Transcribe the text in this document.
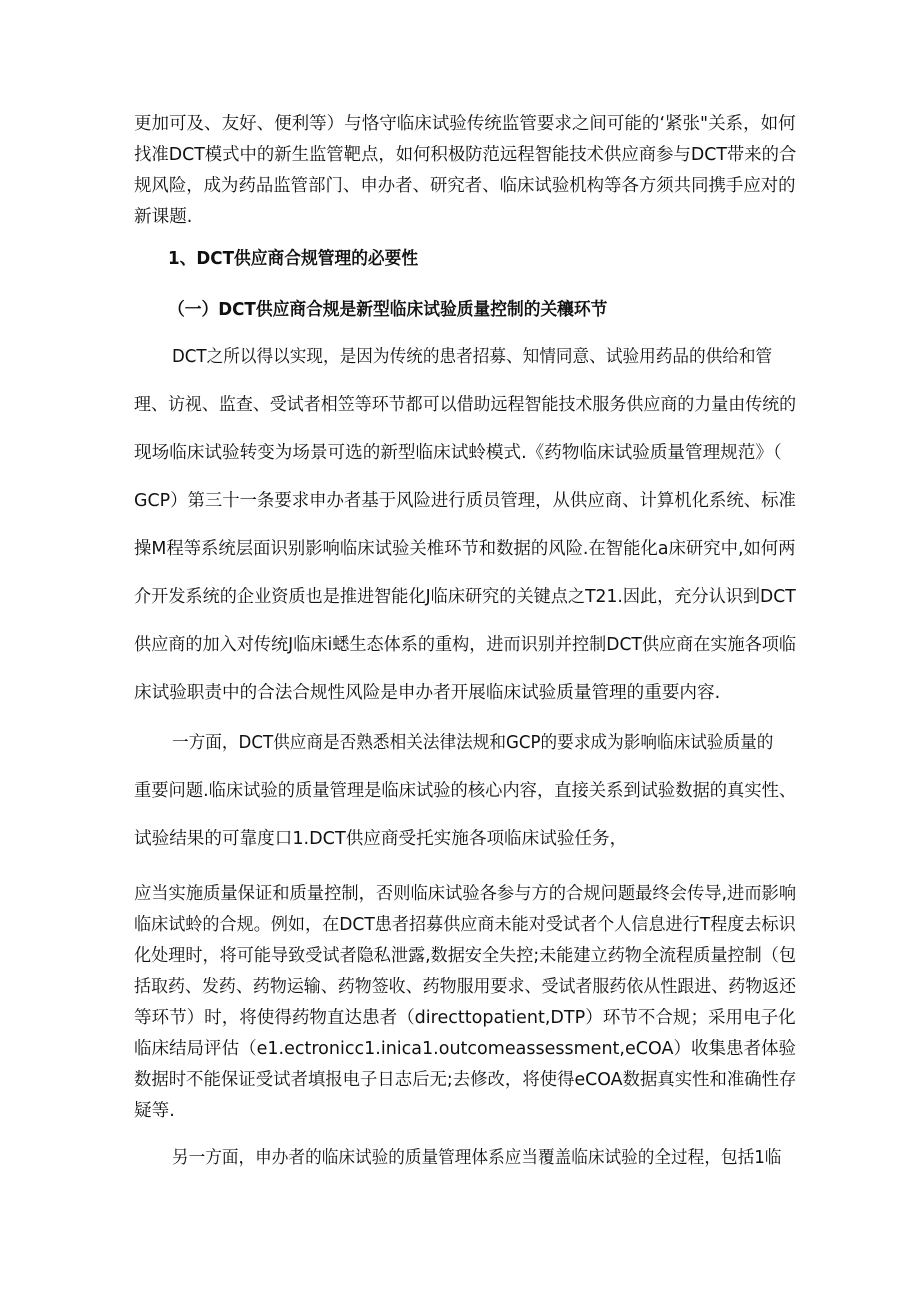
更加可及、友好、便利等）与恪守临床试验传统监管要求之间可能的‘紧张"关系，如何
找准DCT模式中的新生监管靶点，如何积极防范远程智能技术供应商参与DCT带来的合
规风险，成为药品监管部门、申办者、研究者、临床试验机构等各方须共同携手应对的
新课题.
1、DCT供应商合规管理的必要性
（一）DCT供应商合规是新型临床试验质量控制的关穰环节
DCT之所以得以实现，是因为传统的患者招募、知情同意、试验用药品的供给和管
理、访视、监查、受试者相笠等环节都可以借助远程智能技术服务供应商的力量由传统的
现场临床试验转变为场景可选的新型临床试蛉模式.《药物临床试验质量管理规范》（
GCP）第三十一条要求申办者基于风险进行质员管理，从供应商、计算机化系统、标准
操M程等系统层面识别影响临床试验关椎环节和数据的风险.在智能化a床研究中,如何两
介开发系统的企业资质也是推进智能化J临床研究的关键点之T21.因此，充分认识到DCT
供应商的加入对传统J临床i蟋生态体系的重构，进而识别并控制DCT供应商在实施各项临
床试验职责中的合法合规性风险是申办者开展临床试验质量管理的重要内容.
一方面，DCT供应商是否熟悉相关法律法规和GCP的要求成为影响临床试验质量的
重要问题.临床试验的质量管理是临床试验的核心内容，直接关系到试验数据的真实性、
试验结果的可靠度口1.DCT供应商受托实施各项临床试验任务，
应当实施质量保证和质量控制，否则临床试验各参与方的合规问题最终会传导,进而影响
临床试蛉的合规。例如，在DCT患者招募供应商未能对受试者个人信息进行T程度去标识
化处理时，将可能导致受试者隐私泄露,数据安全失控;未能建立药物全流程质量控制（包
括取药、发药、药物运输、药物签收、药物服用要求、受试者服药依从性跟进、药物返还
等环节）时，将使得药物直达患者（directtopatient,DTP）环节不合规；采用电子化
临床结局评估（e1.ectronicc1.inica1.outcomeassessment,eCOA）收集患者体验
数据时不能保证受试者填报电子日志后无;去修改，将使得eCOA数据真实性和准确性存
疑等.
另一方面，申办者的临床试验的质量管理体系应当覆盖临床试验的全过程，包括1临
